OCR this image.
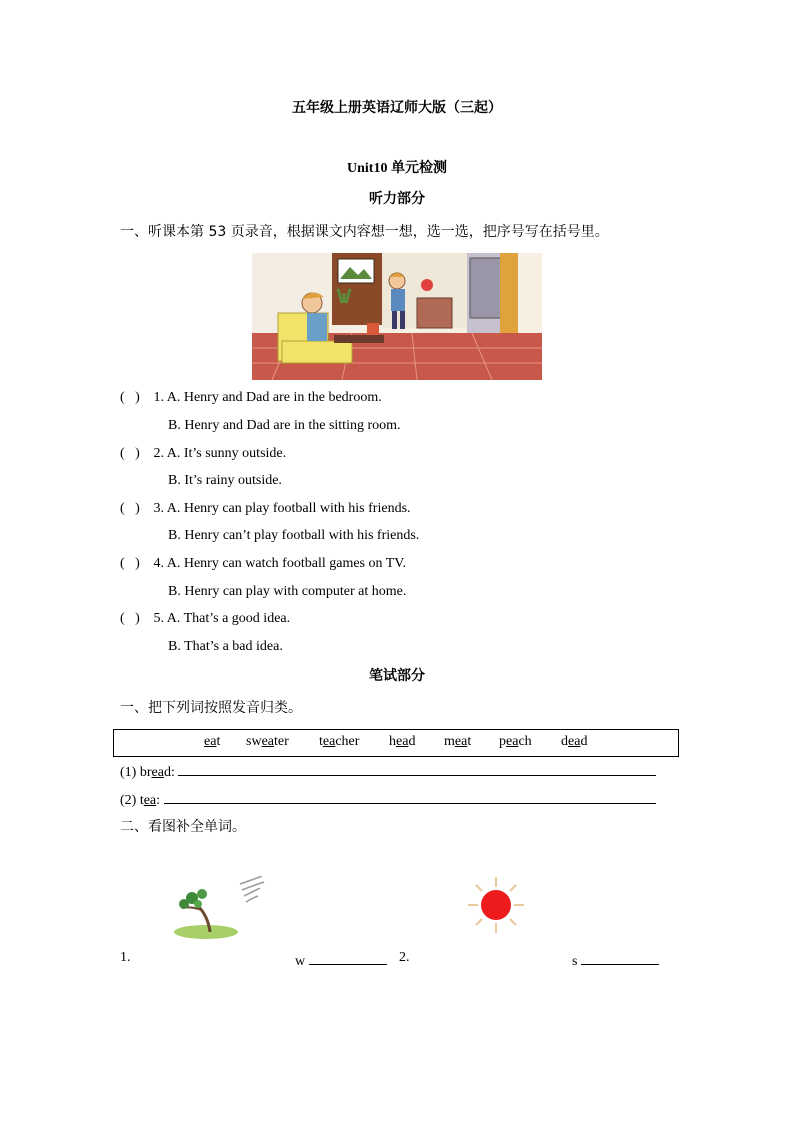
五年级上册英语辽师大版（三起）
Unit10 单元检测
听力部分
一、听课本第 53 页录音，根据课文内容想一想，选一选，把序号写在括号里。
(   ) 1. A. Henry and Dad are in the bedroom.
B. Henry and Dad are in the sitting room.
(   ) 2. A. It’s sunny outside.
B. It’s rainy outside.
(   ) 3. A. Henry can play football with his friends.
B. Henry can’t play football with his friends.
(   ) 4. A. Henry can watch football games on TV.
B. Henry can play with computer at home.
(   ) 5. A. That’s a good idea.
B. That’s a bad idea.
笔试部分
一、把下列词按照发音归类。
eat sweater teacher head meat peach dead
(1) bread:
(2) tea:
二、看图补全单词。
1.	w	2.	s
